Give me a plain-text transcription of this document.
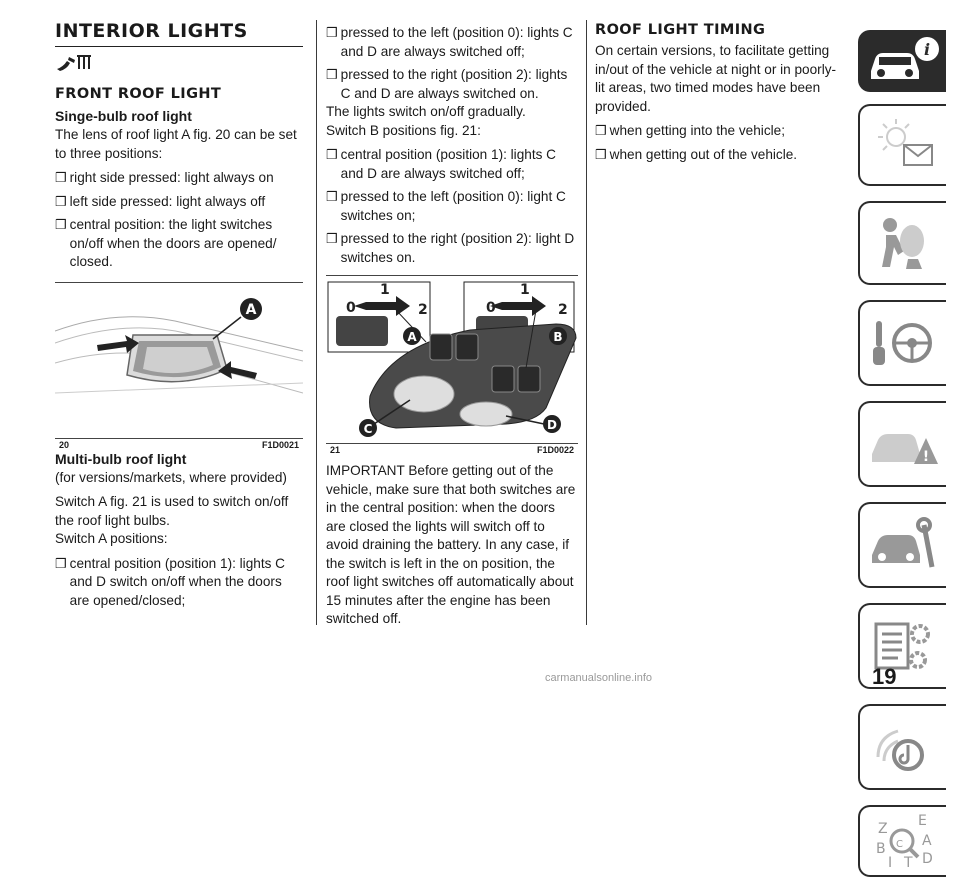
INTERIOR LIGHTS
FRONT ROOF LIGHT
Singe-bulb roof light

The lens of roof light A fig. 20 can be set to three positions:

❒ right side pressed: light always on
❒ left side pressed: light always off
❒ central position: the light switches on/off when the doors are opened/ closed.
A
20	F1D0021
Multi-bulb roof light

(for versions/markets, where provided)

Switch A fig. 21 is used to switch on/off the roof light bulbs.

Switch A positions:

❒ central position (position 1): lights C and D switch on/off when the doors are opened/closed;
❒ pressed to the left (position 0): lights C and D are always switched off;
❒ pressed to the right (position 2): lights C and D are always switched on.

The lights switch on/off gradually.

Switch B positions fig. 21:

❒ central position (position 1): lights C and D are always switched off;
❒ pressed to the left (position 0): light C switches on;
❒ pressed to the right (position 2): light D switches on.
0
1
2	0
1
2
A	B
C	D
21	F1D0022

IMPORTANT Before getting out of the vehicle, make sure that both switches are in the central position: when the doors are closed the lights will switch off to avoid draining the battery. In any case, if the switch is left in the on position, the roof light switches off automatically about 15 minutes after the engine has been switched off.

ROOF LIGHT TIMING

On certain versions, to facilitate getting in/out of the vehicle at night or in poorly-lit areas, two timed modes have been provided.

❒ when getting into the vehicle;
❒ when getting out of the vehicle.
i
!
Z E
B	A
C
T D
I
19
carmanualsonline.info
